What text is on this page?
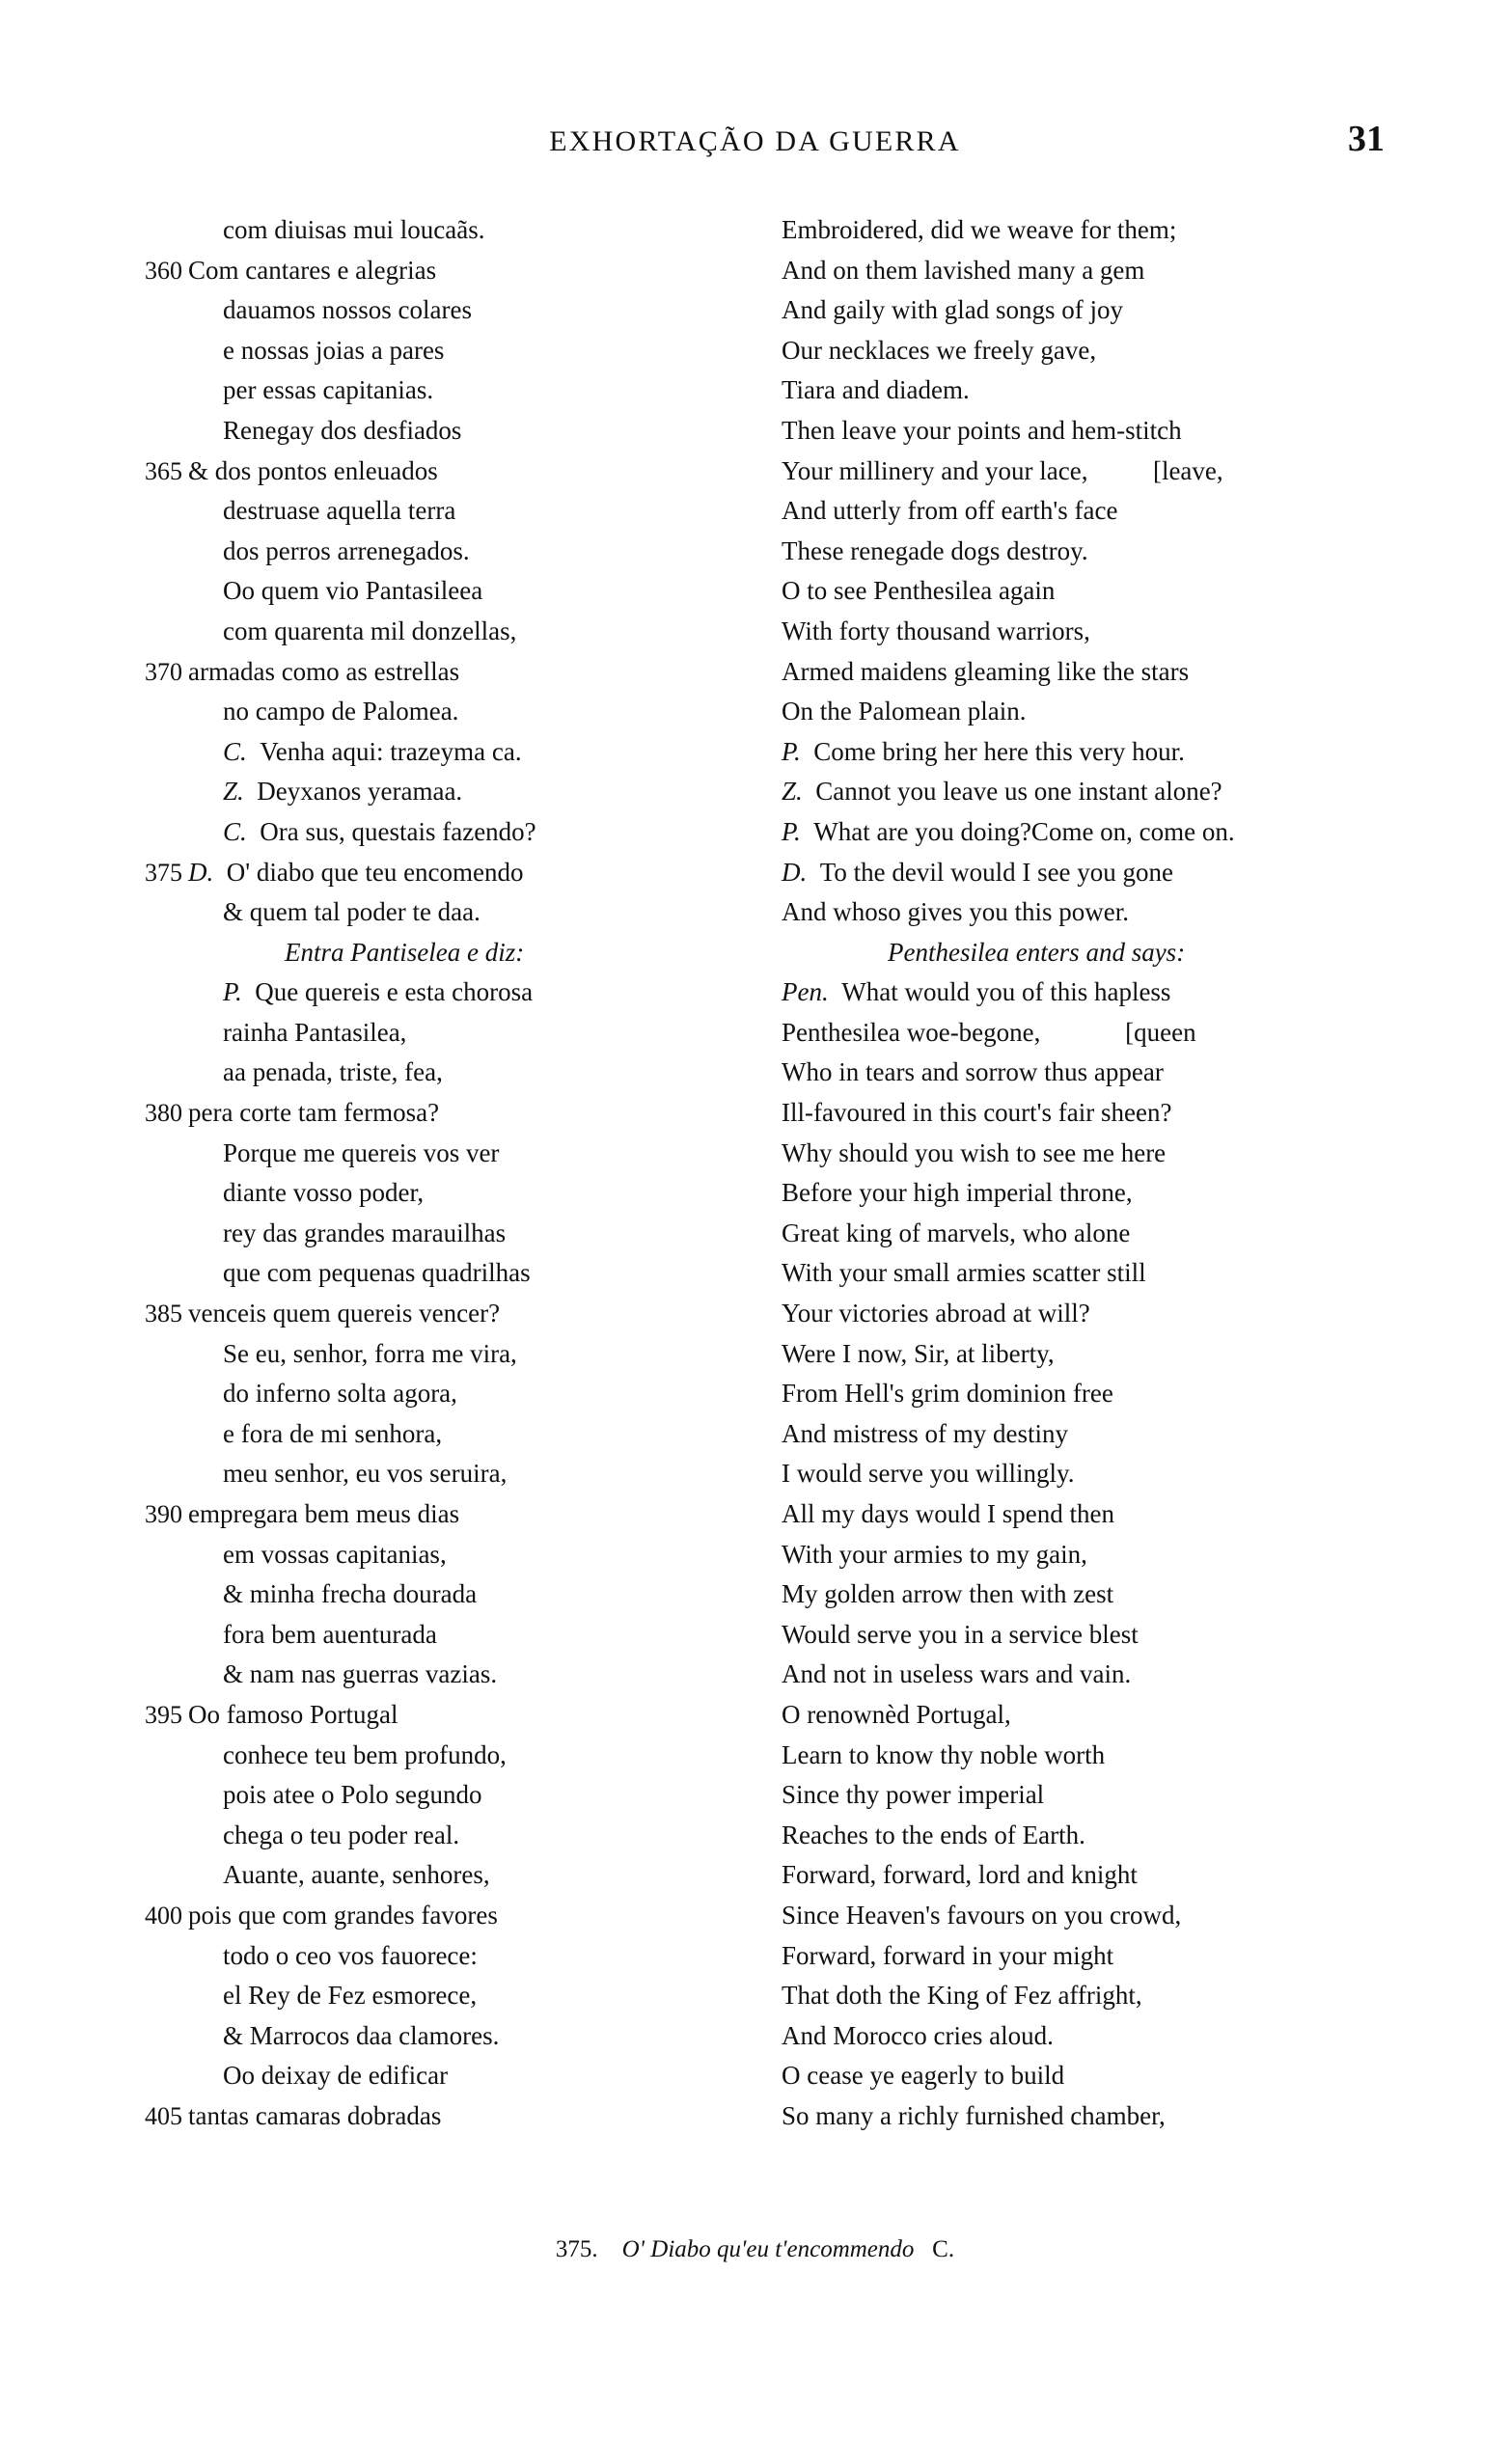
EXHORTAÇÃO DA GUERRA	31
com diuisas mui loucaãs.
360 Com cantares e alegrias
dauamos nossos colares
e nossas joias a pares
per essas capitanias.
Renegay dos desfiados
365 & dos pontos enleuados
destruase aquella terra
dos perros arrenegados.
Oo quem vio Pantasileea
com quarenta mil donzellas,
370 armadas como as estrellas
no campo de Palomea.
C.  Venha aqui: trazeyma ca.
Z.  Deyxanos yeramaa.
C.  Ora sus, questais fazendo?
375 D.  O' diabo que teu encomendo
& quem tal poder te daa.
Entra Pantiselea e diz:
P.  Que quereis e esta chorosa
rainha Pantasilea,
aa penada, triste, fea,
380 pera corte tam fermosa?
Porque me quereis vos ver
diante vosso poder,
rey das grandes marauilhas
que com pequenas quadrilhas
385 venceis quem quereis vencer?
Se eu, senhor, forra me vira,
do inferno solta agora,
e fora de mi senhora,
meu senhor, eu vos seruira,
390 empregara bem meus dias
em vossas capitanias,
& minha frecha dourada
fora bem auenturada
& nam nas guerras vazias.
395 Oo famoso Portugal
conhece teu bem profundo,
pois atee o Polo segundo
chega o teu poder real.
Auante, auante, senhores,
400 pois que com grandes favores
todo o ceo vos fauorece:
el Rey de Fez esmorece,
& Marrocos daa clamores.
Oo deixay de edificar
405 tantas camaras dobradas
Embroidered, did we weave for them;
And on them lavished many a gem
And gaily with glad songs of joy
Our necklaces we freely gave,
Tiara and diadem.
Then leave your points and hem-stitch
Your millinery and your lace,          [leave,
And utterly from off earth's face
These renegade dogs destroy.
O to see Penthesilea again
With forty thousand warriors,
Armed maidens gleaming like the stars
On the Palomean plain.
P.  Come bring her here this very hour.
Z.  Cannot you leave us one instant alone?
P.  What are you doing?Come on, come on.
D.  To the devil would I see you gone
And whoso gives you this power.
Penthesilea enters and says:
Pen.  What would you of this hapless
Penthesilea woe-begone,             [queen
Who in tears and sorrow thus appear
Ill-favoured in this court's fair sheen?
Why should you wish to see me here
Before your high imperial throne,
Great king of marvels, who alone
With your small armies scatter still
Your victories abroad at will?
Were I now, Sir, at liberty,
From Hell's grim dominion free
And mistress of my destiny
I would serve you willingly.
All my days would I spend then
With your armies to my gain,
My golden arrow then with zest
Would serve you in a service blest
And not in useless wars and vain.
O renownèd Portugal,
Learn to know thy noble worth
Since thy power imperial
Reaches to the ends of Earth.
Forward, forward, lord and knight
Since Heaven's favours on you crowd,
Forward, forward in your might
That doth the King of Fez affright,
And Morocco cries aloud.
O cease ye eagerly to build
So many a richly furnished chamber,
375. O' Diabo qu'eu t'encommendo C.
